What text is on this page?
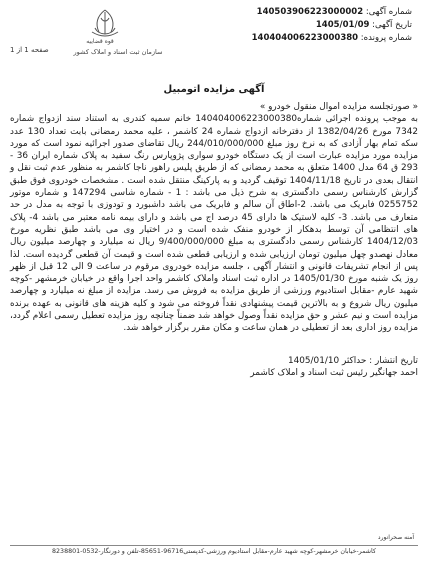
شماره آگهی: 140503906223000002
تاریخ آگهی: 1405/01/09
شماره پرونده: 140404006223000380
قوه قضاییه
سازمان ثبت اسناد و املاک کشور
صفحه 1 از 1
آگهی مزایده اتومبیل

« صورتجلسه مزایده اموال منقول خودرو »

به موجب پرونده اجرائی شماره140404006223000380 خانم سمیه کندری به استناد سند ازدواج شماره 7342 مورخ 1382/04/26 از دفترخانه ازدواج شماره 24 کاشمر ، علیه محمد رمضانی بابت تعداد 130 عدد سکه تمام بهار آزادی که به نرخ روز مبلغ 244/010/000/000 ریال تقاضای صدور اجرائیه نمود است که مورد مزایده مورد مزایده عبارت است از یک دستگاه خودرو سواری پژوپارس رنگ سفید به پلاک شماره ایران 36 - 293 ق 64 مدل 1400 متعلق به محمد رمضانی که از طریق پلیس راهور ناجا کاشمر به منظور عدم ثبت نقل و انتقال بعدی در تاریخ 1404/11/18 توقیف گردید و به پارکینگ منتقل شده است . مشخصات خودروی فوق طبق گزارش کارشناس رسمی دادگستری به شرح ذیل می باشد : 1 - شماره شاسی 147294 و شماره موتور 0255752 فابریک می باشد. 2-اطاق آن سالم و فابریک می باشد داشبورد و تودوزی با توجه به مدل در حد متعارف می باشد. 3- کلیه لاستیک ها دارای 45 درصد اج می باشد و دارای بیمه نامه معتبر می باشد 4- پلاک های انتظامی آن توسط بدهکار از خودرو منفک شده است و در اختیار وی می باشد طبق نظریه مورخ 1404/12/03 کارشناس رسمی دادگستری به مبلغ 9/400/000/000 ریال نه میلیارد و چهارصد میلیون ریال معادل نهصدو چهل میلیون تومان ارزیابی شده و ارزیابی قطعی شده است و قیمت آن قطعی گردیده است. لذا پس از انجام تشریفات قانونی و انتشار آگهی ، جلسه مزایده خودروی مرقوم در ساعت 9 الی 12 قبل از ظهر روز یک شنبه مورخ 1405/01/30 در اداره ثبت اسناد واملاک کاشمر واحد اجرا واقع در خیابان خرمشهر -کوچه شهید عارم -مقابل استادیوم ورزشی از طریق مزایده به فروش می رسد. مزایده از مبلغ نه میلیارد و چهارصد میلیون ریال شروع و به بالاترین قیمت پیشنهادی نقداً فروخته می شود و کلیه هزینه های قانونی به عهده برنده مزایده است و نیم عشر و حق مزایده نقداً وصول خواهد شد ضمناً چنانچه روز مزایده تعطیل رسمی اعلام گردد، مزایده روز اداری بعد از تعطیلی در همان ساعت و مکان مقرر برگزار خواهد شد.

تاریخ انتشار : حداکثر 1405/01/10
احمد جهانگیر رئیس ثبت اسناد و املاک کاشمر
آمنه صحرانورد
کاشمر-خیابان خرمشهر-کوچه شهید عارم-مقابل استادیوم ورزشی-کدپستی96716-85651-تلفن و دورنگار-0532-8238801
